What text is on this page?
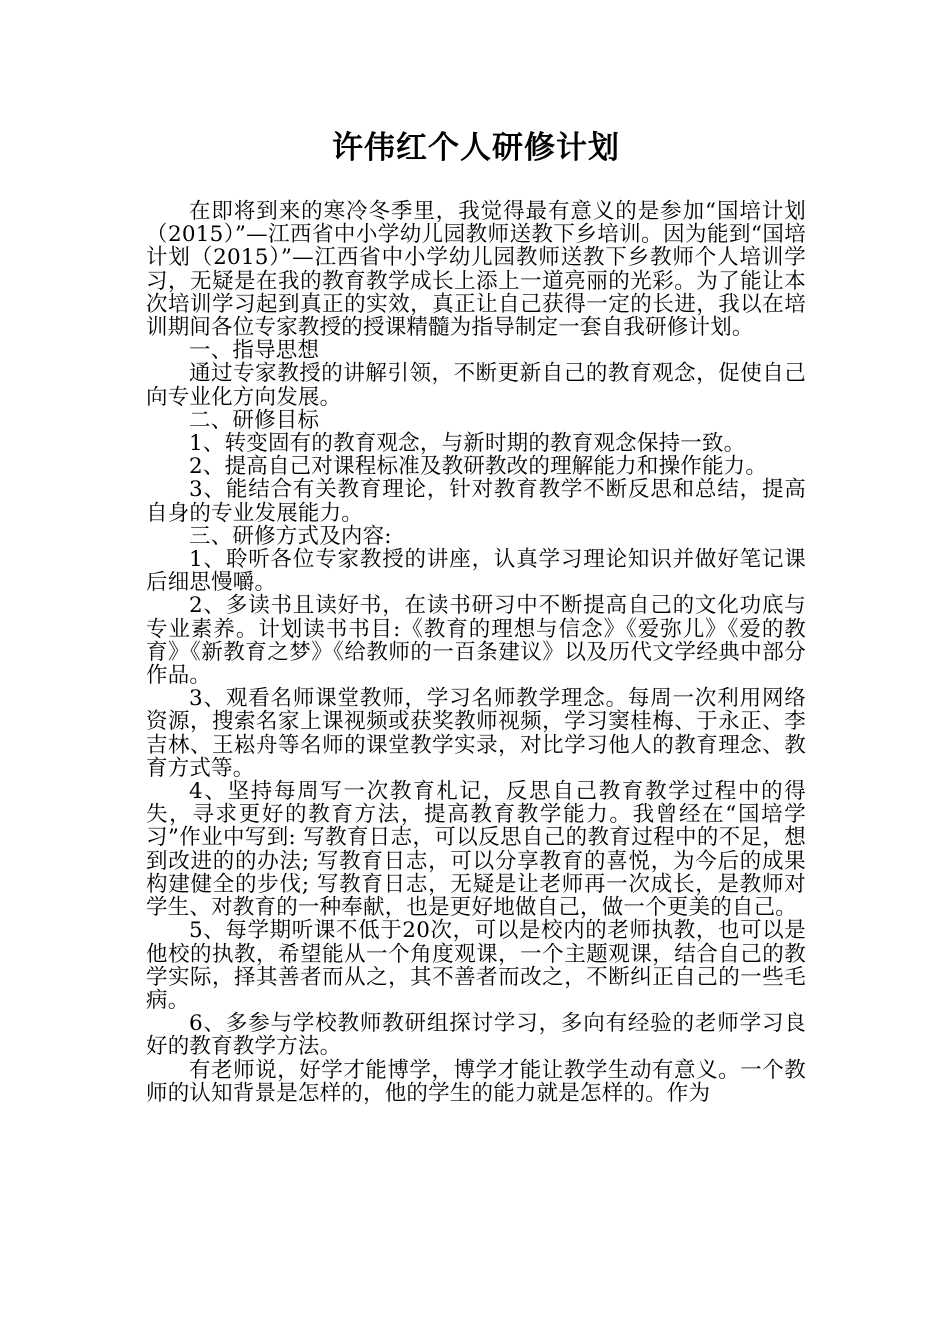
许伟红个人研修计划

在即将到来的寒冷冬季里，我觉得最有意义的是参加“国培计划（2015）”—江西省中小学幼儿园教师送教下乡培训。因为能到“国培计划（2015）”—江西省中小学幼儿园教师送教下乡教师个人培训学习，无疑是在我的教育教学成长上添上一道亮丽的光彩。为了能让本次培训学习起到真正的实效，真正让自己获得一定的长进，我以在培训期间各位专家教授的授课精髓为指导制定一套自我研修计划。

一、指导思想

通过专家教授的讲解引领，不断更新自己的教育观念，促使自己向专业化方向发展。

二、研修目标

1、转变固有的教育观念，与新时期的教育观念保持一致。

2、提高自己对课程标准及教研教改的理解能力和操作能力。

3、能结合有关教育理论，针对教育教学不断反思和总结，提高自身的专业发展能力。

三、研修方式及内容:

1、聆听各位专家教授的讲座，认真学习理论知识并做好笔记课后细思慢嚼。

2、多读书且读好书，在读书研习中不断提高自己的文化功底与专业素养。计划读书书目:《教育的理想与信念》《爱弥儿》《爱的教育》《新教育之梦》《给教师的一百条建议》以及历代文学经典中部分作品。

3、观看名师课堂教师，学习名师教学理念。每周一次利用网络资源，搜索名家上课视频或获奖教师视频，学习窦桂梅、于永正、李吉林、王崧舟等名师的课堂教学实录，对比学习他人的教育理念、教育方式等。

4、坚持每周写一次教育札记，反思自己教育教学过程中的得失，寻求更好的教育方法，提高教育教学能力。我曾经在“国培学习”作业中写到: 写教育日志，可以反思自己的教育过程中的不足，想到改进的的办法; 写教育日志，可以分享教育的喜悦，为今后的成果构建健全的步伐; 写教育日志，无疑是让老师再一次成长，是教师对学生、对教育的一种奉献，也是更好地做自己，做一个更美的自己。

5、每学期听课不低于20次，可以是校内的老师执教，也可以是他校的执教，希望能从一个角度观课，一个主题观课，结合自己的教学实际，择其善者而从之，其不善者而改之，不断纠正自己的一些毛病。

6、多参与学校教师教研组探讨学习，多向有经验的老师学习良好的教育教学方法。

有老师说，好学才能博学，博学才能让教学生动有意义。一个教师的认知背景是怎样的，他的学生的能力就是怎样的。作为
